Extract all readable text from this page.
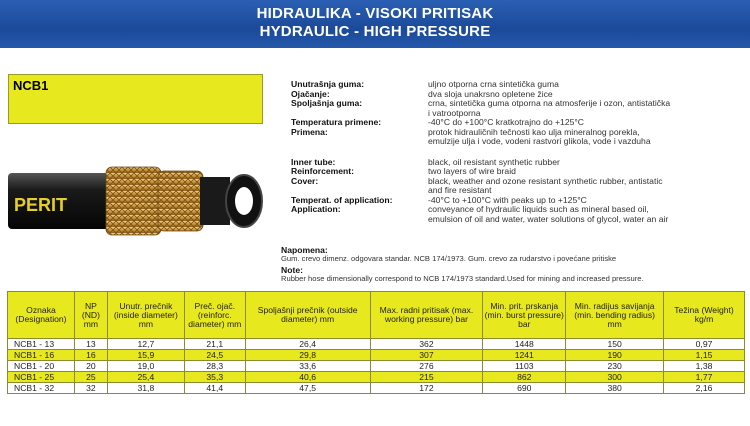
HIDRAULIKA - VISOKI PRITISAK
HYDRAULIC - HIGH PRESSURE
NCB1
PERIT
Unutrašnja guma:	uljno otporna crna sintetička guma
Ojačanje:	dva sloja unakrsno opletene žice
Spoljašnja guma:	crna, sintetička guma otporna na atmosferije i ozon, antistatička i vatrootporna
Temperatura primene:	-40°C do +100°C kratkotrajno do +125°C
Primena:	protok hidrauličnih tečnosti kao ulja mineralnog porekla, emulzije ulja i vode, vodeni rastvori glikola, vode i vazduha
Inner tube:	black, oil resistant synthetic rubber
Reinforcement:	two layers of wire braid
Cover:	black, weather and ozone resistant synthetic rubber, antistatic and fire resistant
Temperat. of application:	-40°C to +100°C with peaks up to +125°C
Application:	conveyance of hydraulic liquids such as mineral based oil, emulsion of oil and water, water solutions of glycol, water an air
Napomena:
Gum. crevo dimenz. odgovara standar. NCB 174/1973. Gum. crevo za rudarstvo i povećane pritiske
Note:
Rubber hose dimensionally correspond to NCB 174/1973 standard.Used for mining and increased pressure.
Oznaka (Designation)	NP (ND) mm	Unutr. prečnik (inside diameter) mm	Preč. ojač. (reinforc. diameter) mm	Spoljašnji prečnik (outside diameter) mm	Max. radni pritisak (max. working pressure) bar	Min. prit. prskanja (min. burst pressure) bar	Min. radijus savijanja (min. bending radius) mm	Težina (Weight) kg/m
NCB1 - 13	13	12,7	21,1	26,4	362	1448	150	0,97
NCB1 - 16	16	15,9	24,5	29,8	307	1241	190	1,15
NCB1 - 20	20	19,0	28,3	33,6	276	1103	230	1,38
NCB1 - 25	25	25,4	35,3	40,6	215	862	300	1,77
NCB1 - 32	32	31,8	41,4	47,5	172	690	380	2,16
